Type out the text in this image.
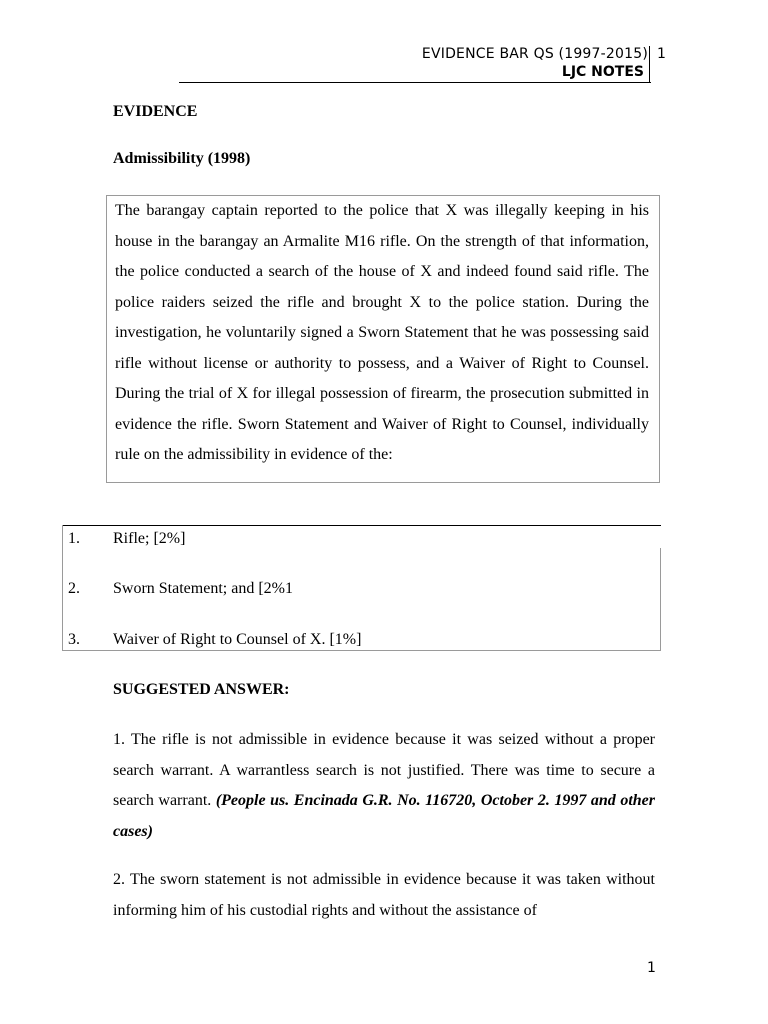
EVIDENCE BAR QS (1997-2015)
LJC NOTES
1
EVIDENCE
Admissibility (1998)

The barangay captain reported to the police that X was illegally keeping in his house in the barangay an Armalite M16 rifle. On the strength of that information, the police conducted a search of the house of X and indeed found said rifle. The police raiders seized the rifle and brought X to the police station. During the investigation, he voluntarily signed a Sworn Statement that he was possessing said rifle without license or authority to possess, and a Waiver of Right to Counsel. During the trial of X for illegal possession of firearm, the prosecution submitted in evidence the rifle. Sworn Statement and Waiver of Right to Counsel, individually rule on the admissibility in evidence of the:

1. Rifle; [2%]
2. Sworn Statement; and [2%1
3. Waiver of Right to Counsel of X. [1%]
SUGGESTED ANSWER:

1. The rifle is not admissible in evidence because it was seized without a proper search warrant. A warrantless search is not justified. There was time to secure a search warrant. (People us. Encinada G.R. No. 116720, October 2. 1997 and other cases)

2. The sworn statement is not admissible in evidence because it was taken without informing him of his custodial rights and without the assistance of

1
